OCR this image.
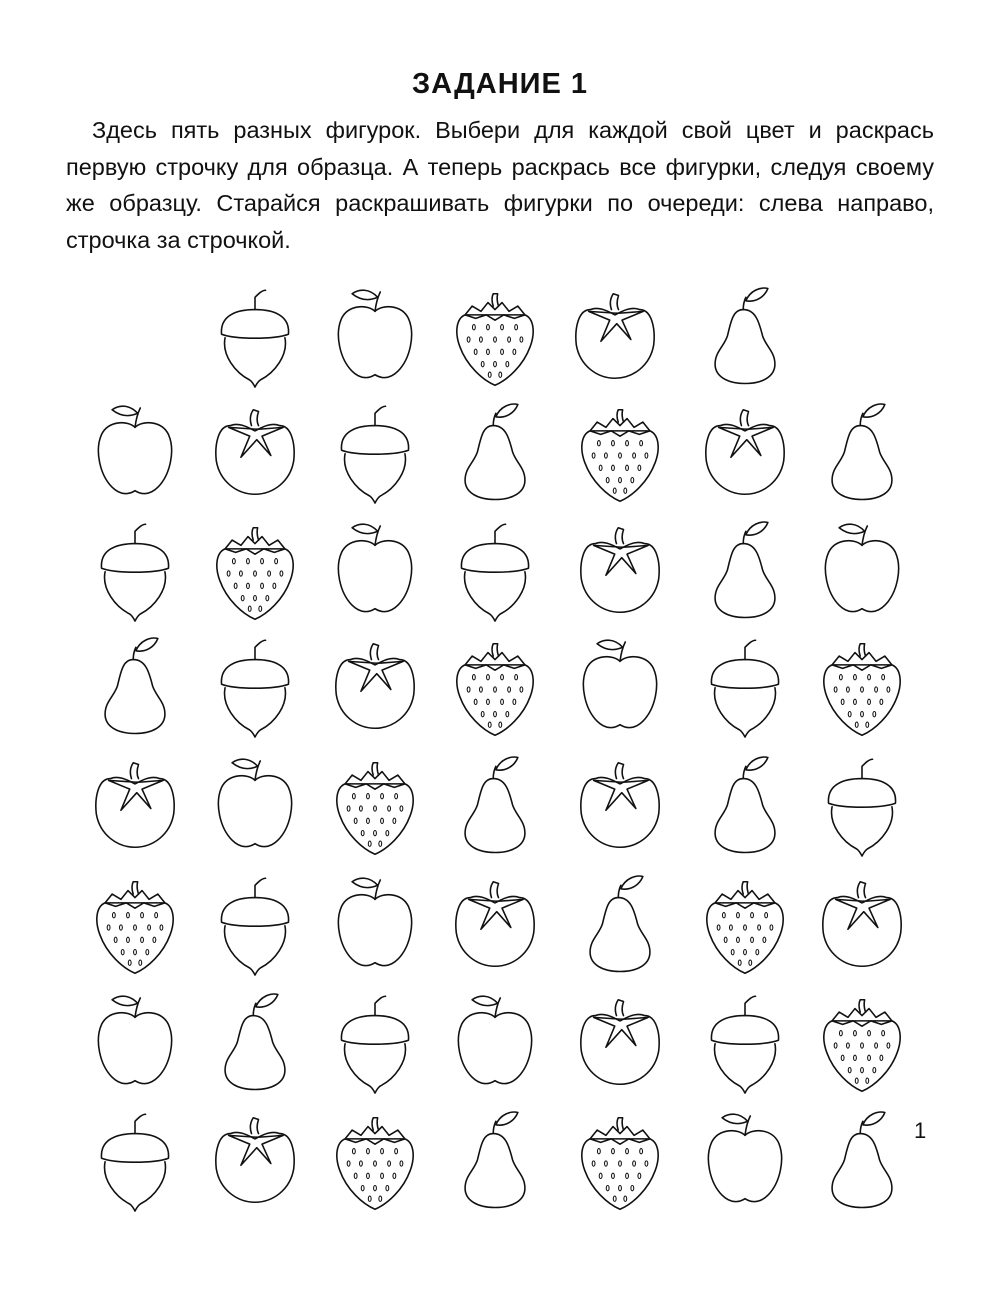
ЗАДАНИЕ 1

Здесь пять разных фигурок. Выбери для каждой свой цвет и раскрась первую строчку для образца. А теперь раскрась все фигурки, следуя своему же образцу. Старайся раскрашивать фигурки по очереди: слева направо, строчка за строчкой.

1
